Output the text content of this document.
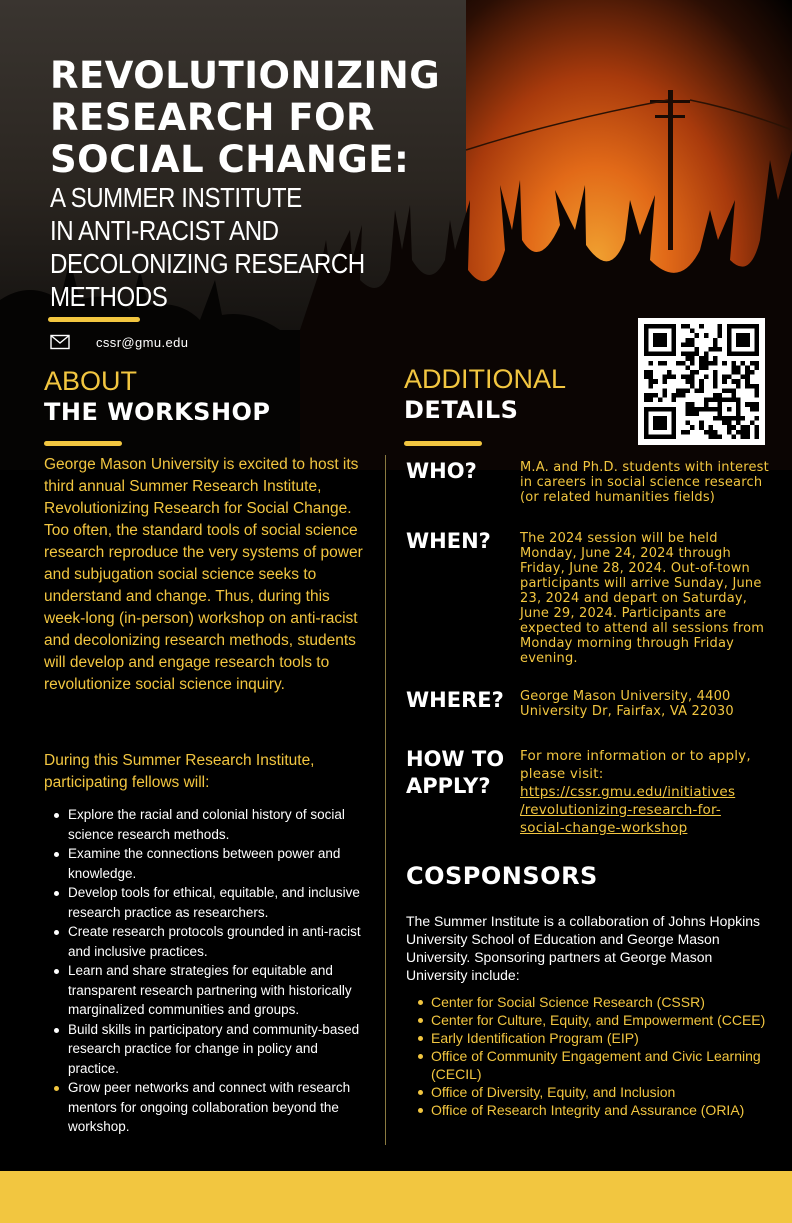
REVOLUTIONIZING
RESEARCH FOR
SOCIAL CHANGE:
A SUMMER INSTITUTE
IN ANTI-RACIST AND
DECOLONIZING RESEARCH METHODS
cssr@gmu.edu
ABOUT
THE WORKSHOP
George Mason University is excited to host its third annual Summer Research Institute, Revolutionizing Research for Social Change. Too often, the standard tools of social science research reproduce the very systems of power and subjugation social science seeks to understand and change. Thus, during this week-long (in-person) workshop on anti-racist and decolonizing research methods, students will develop and engage research tools to revolutionize social science inquiry.
During this Summer Research Institute, participating fellows will:
Explore the racial and colonial history of social science research methods.
Examine the connections between power and knowledge.
Develop tools for ethical, equitable, and inclusive research practice as researchers.
Create research protocols grounded in anti-racist and inclusive practices.
Learn and share strategies for equitable and transparent research partnering with historically marginalized communities and groups.
Build skills in participatory and community-based research practice for change in policy and practice.
Grow peer networks and connect with research mentors for ongoing collaboration beyond the workshop.
ADDITIONAL
DETAILS
WHO?	M.A. and Ph.D. students with interest in careers in social science research (or related humanities fields)
WHEN? The 2024 session will be held Monday, June 24, 2024 through Friday, June 28, 2024. Out-of-town participants will arrive Sunday, June 23, 2024 and depart on Saturday, June 29, 2024. Participants are expected to attend all sessions from Monday morning through Friday evening.
WHERE? George Mason University, 4400 University Dr, Fairfax, VA 22030
HOW TO
APPLY?
For more information or to apply, please visit:
https://cssr.gmu.edu/initiatives
/revolutionizing-research-for-
social-change-workshop
COSPONSORS
The Summer Institute is a collaboration of Johns Hopkins University School of Education and George Mason University. Sponsoring partners at George Mason University include:
Center for Social Science Research (CSSR)
Center for Culture, Equity, and Empowerment (CCEE)
Early Identification Program (EIP)
Office of Community Engagement and Civic Learning (CECIL)
Office of Diversity, Equity, and Inclusion
Office of Research Integrity and Assurance (ORIA)
